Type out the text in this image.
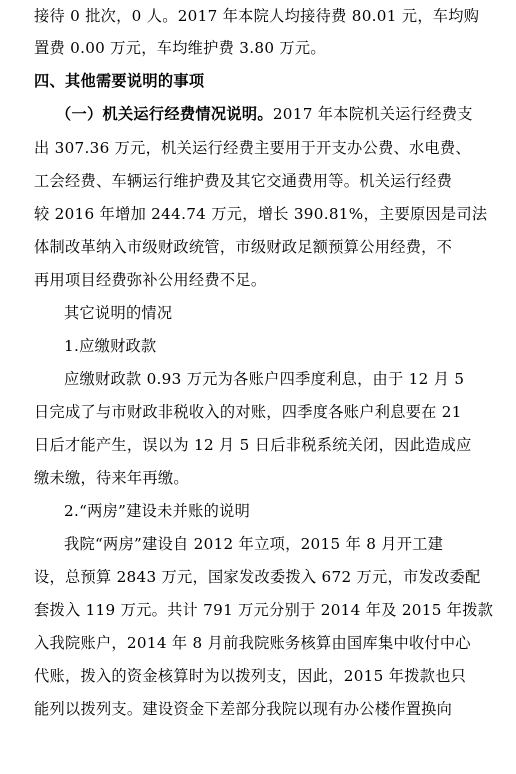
接待 0 批次，0 人。2017 年本院人均接待费 80.01 元，车均购
置费 0.00 万元，车均维护费 3.80 万元。
四、其他需要说明的事项
（一）机关运行经费情况说明。2017 年本院机关运行经费支
出 307.36 万元，机关运行经费主要用于开支办公费、水电费、
工会经费、车辆运行维护费及其它交通费用等。机关运行经费
较 2016 年增加 244.74 万元，增长 390.81%，主要原因是司法
体制改革纳入市级财政统管，市级财政足额预算公用经费，不
再用项目经费弥补公用经费不足。
其它说明的情况
1.应缴财政款
应缴财政款 0.93 万元为各账户四季度利息，由于 12 月 5
日完成了与市财政非税收入的对账，四季度各账户利息要在 21
日后才能产生，误以为 12 月 5 日后非税系统关闭，因此造成应
缴未缴，待来年再缴。
2.“两房”建设未并账的说明
我院“两房”建设自 2012 年立项，2015 年 8 月开工建
设，总预算 2843 万元，国家发改委拨入 672 万元，市发改委配
套拨入 119 万元。共计 791 万元分别于 2014 年及 2015 年拨款
入我院账户，2014 年 8 月前我院账务核算由国库集中收付中心
代账，拨入的资金核算时为以拨列支，因此，2015 年拨款也只
能列以拨列支。建设资金下差部分我院以现有办公楼作置换向
